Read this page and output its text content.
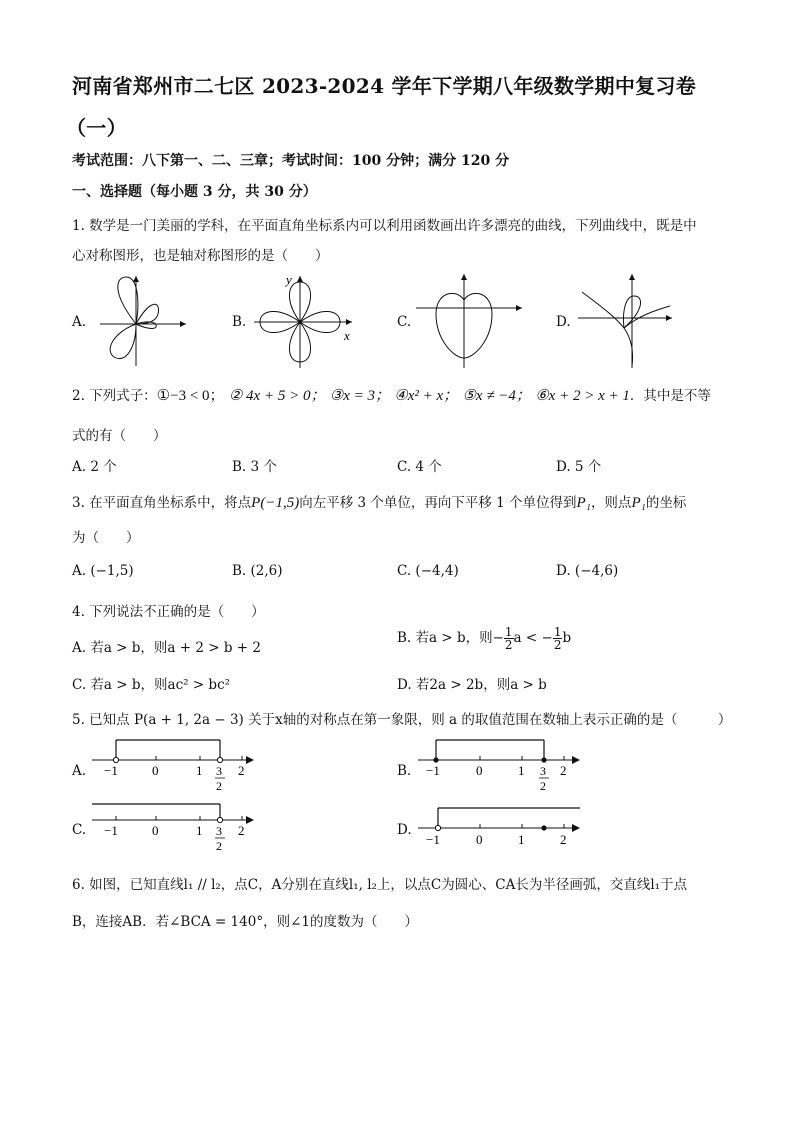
河南省郑州市二七区 2023-2024 学年下学期八年级数学期中复习卷
（一）
考试范围：八下第一、二、三章；考试时间：100 分钟；满分 120 分
一、选择题（每小题 3 分，共 30 分）
1. 数学是一门美丽的学科，在平面直角坐标系内可以利用函数画出许多漂亮的曲线，下列曲线中，既是中
心对称图形，也是轴对称图形的是（　　）
A.	B.
y
x
C.	D.
2. 下列式子：①−3 < 0； ② 4x + 5 > 0； ③x = 3； ④x² + x； ⑤x ≠ −4； ⑥x + 2 > x + 1．其中是不等
式的有（　　）
A. 2 个	B. 3 个	C. 4 个	D. 5 个
3. 在平面直角坐标系中，将点P(−1,5)向左平移 3 个单位，再向下平移 1 个单位得到P₁，则点P₁的坐标
为（　　）
A. (−1,5)	B. (2,6)	C. (−4,4)	D. (−4,6)
4. 下列说法不正确的是（　　）
A. 若a > b，则a + 2 > b + 2
B. 若a > b，则− $\frac{1}{2}$ a < − $\frac{1}{2}$ b
C. 若a > b，则ac² > bc²	D. 若2a > 2b，则a > b
5. 已知点 P(a + 1, 2a − 3) 关于x轴的对称点在第一象限，则 a 的取值范围在数轴上表示正确的是（　　　）
A. −1	0	1	2
3
2
B. −1	0	1	2
3
2
C. −1	0	1	2
3
2
D.
−1	0	1	2
6. 如图，已知直线l₁ // l₂，点C，A分别在直线l₁, l₂上，以点C为圆心、CA长为半径画弧，交直线l₁于点
B，连接AB．若∠BCA = 140°，则∠1的度数为（　　）
